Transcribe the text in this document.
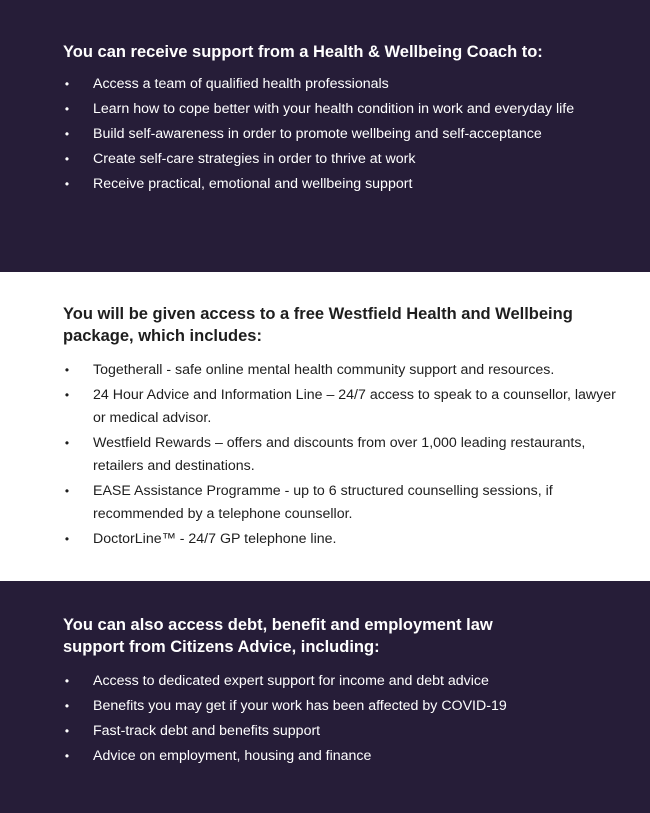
You can receive support from a Health & Wellbeing Coach to:
• Access a team of qualified health professionals
• Learn how to cope better with your health condition in work and everyday life
• Build self-awareness in order to promote wellbeing and self-acceptance
• Create self-care strategies in order to thrive at work
• Receive practical, emotional and wellbeing support
You will be given access to a free Westfield Health and Wellbeing package, which includes:
• Togetherall - safe online mental health community support and resources.
• 24 Hour Advice and Information Line – 24/7 access to speak to a counsellor, lawyer or medical advisor.
• Westfield Rewards – offers and discounts from over 1,000 leading restaurants, retailers and destinations.
• EASE Assistance Programme - up to 6 structured counselling sessions, if recommended by a telephone counsellor.
• DoctorLine™ - 24/7 GP telephone line.
You can also access debt, benefit and employment law support from Citizens Advice, including:
• Access to dedicated expert support for income and debt advice
• Benefits you may get if your work has been affected by COVID-19
• Fast-track debt and benefits support
• Advice on employment, housing and finance
